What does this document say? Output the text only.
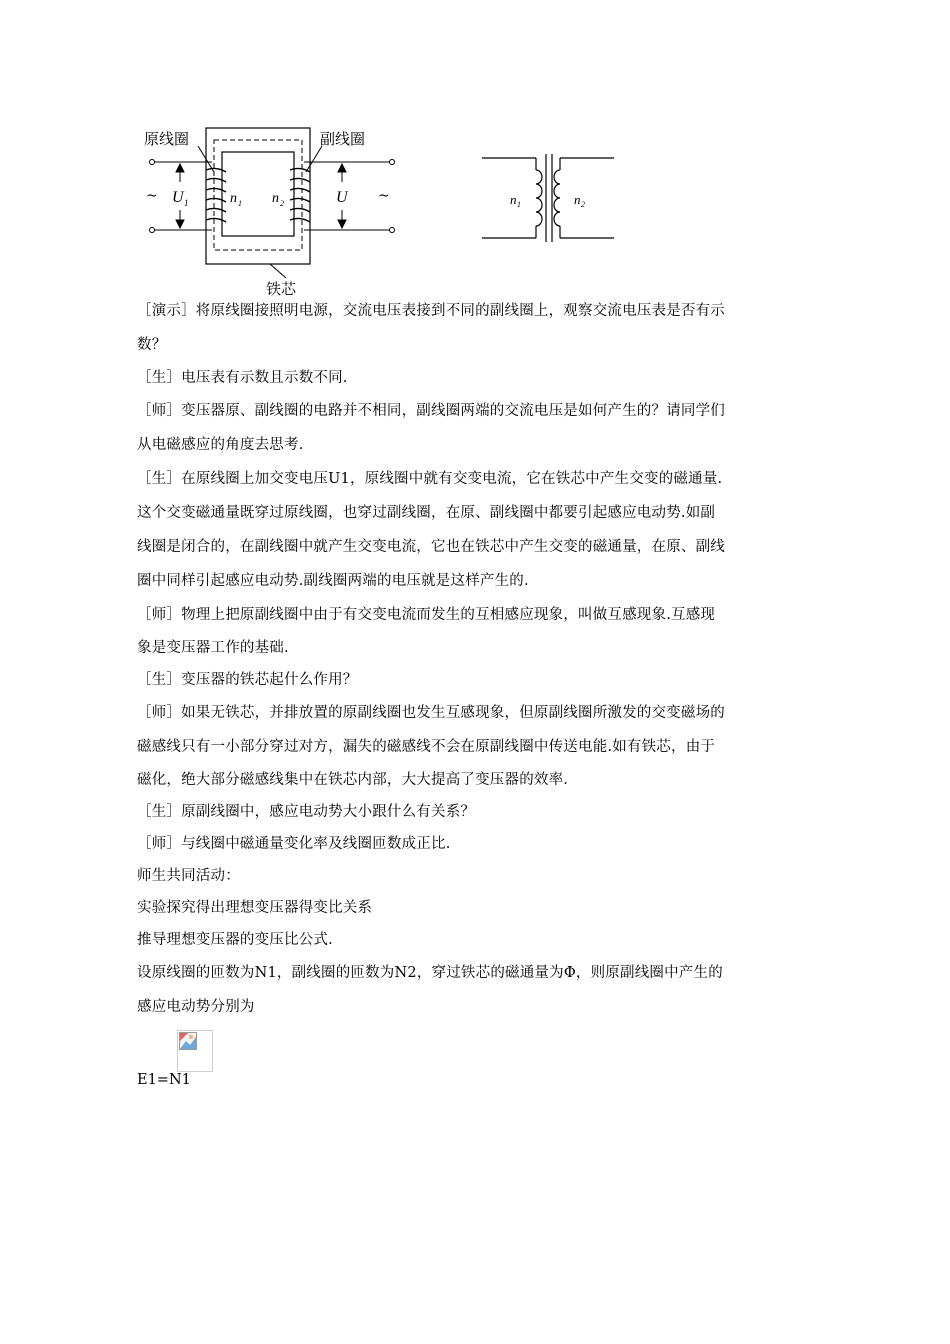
原线圈	副线圈
铁芯
~	~
U 1	U
n 1 n 2	n 1	n 2

［演示］将原线圈接照明电源，交流电压表接到不同的副线圈上，观察交流电压表是否有示

数？

［生］电压表有示数且示数不同.

［师］变压器原、副线圈的电路并不相同，副线圈两端的交流电压是如何产生的？请同学们

从电磁感应的角度去思考.

［生］在原线圈上加交变电压U1，原线圈中就有交变电流，它在铁芯中产生交变的磁通量.

这个交变磁通量既穿过原线圈，也穿过副线圈，在原、副线圈中都要引起感应电动势.如副

线圈是闭合的，在副线圈中就产生交变电流，它也在铁芯中产生交变的磁通量，在原、副线

圈中同样引起感应电动势.副线圈两端的电压就是这样产生的.

［师］物理上把原副线圈中由于有交变电流而发生的互相感应现象，叫做互感现象.互感现

象是变压器工作的基础.

［生］变压器的铁芯起什么作用？

［师］如果无铁芯，并排放置的原副线圈也发生互感现象，但原副线圈所激发的交变磁场的

磁感线只有一小部分穿过对方，漏失的磁感线不会在原副线圈中传送电能.如有铁芯，由于

磁化，绝大部分磁感线集中在铁芯内部，大大提高了变压器的效率.

［生］原副线圈中，感应电动势大小跟什么有关系？

［师］与线圈中磁通量变化率及线圈匝数成正比.

师生共同活动：

实验探究得出理想变压器得变比关系

推导理想变压器的变压比公式.

设原线圈的匝数为N1，副线圈的匝数为N2，穿过铁芯的磁通量为Φ，则原副线圈中产生的

感应电动势分别为

E1=N1
